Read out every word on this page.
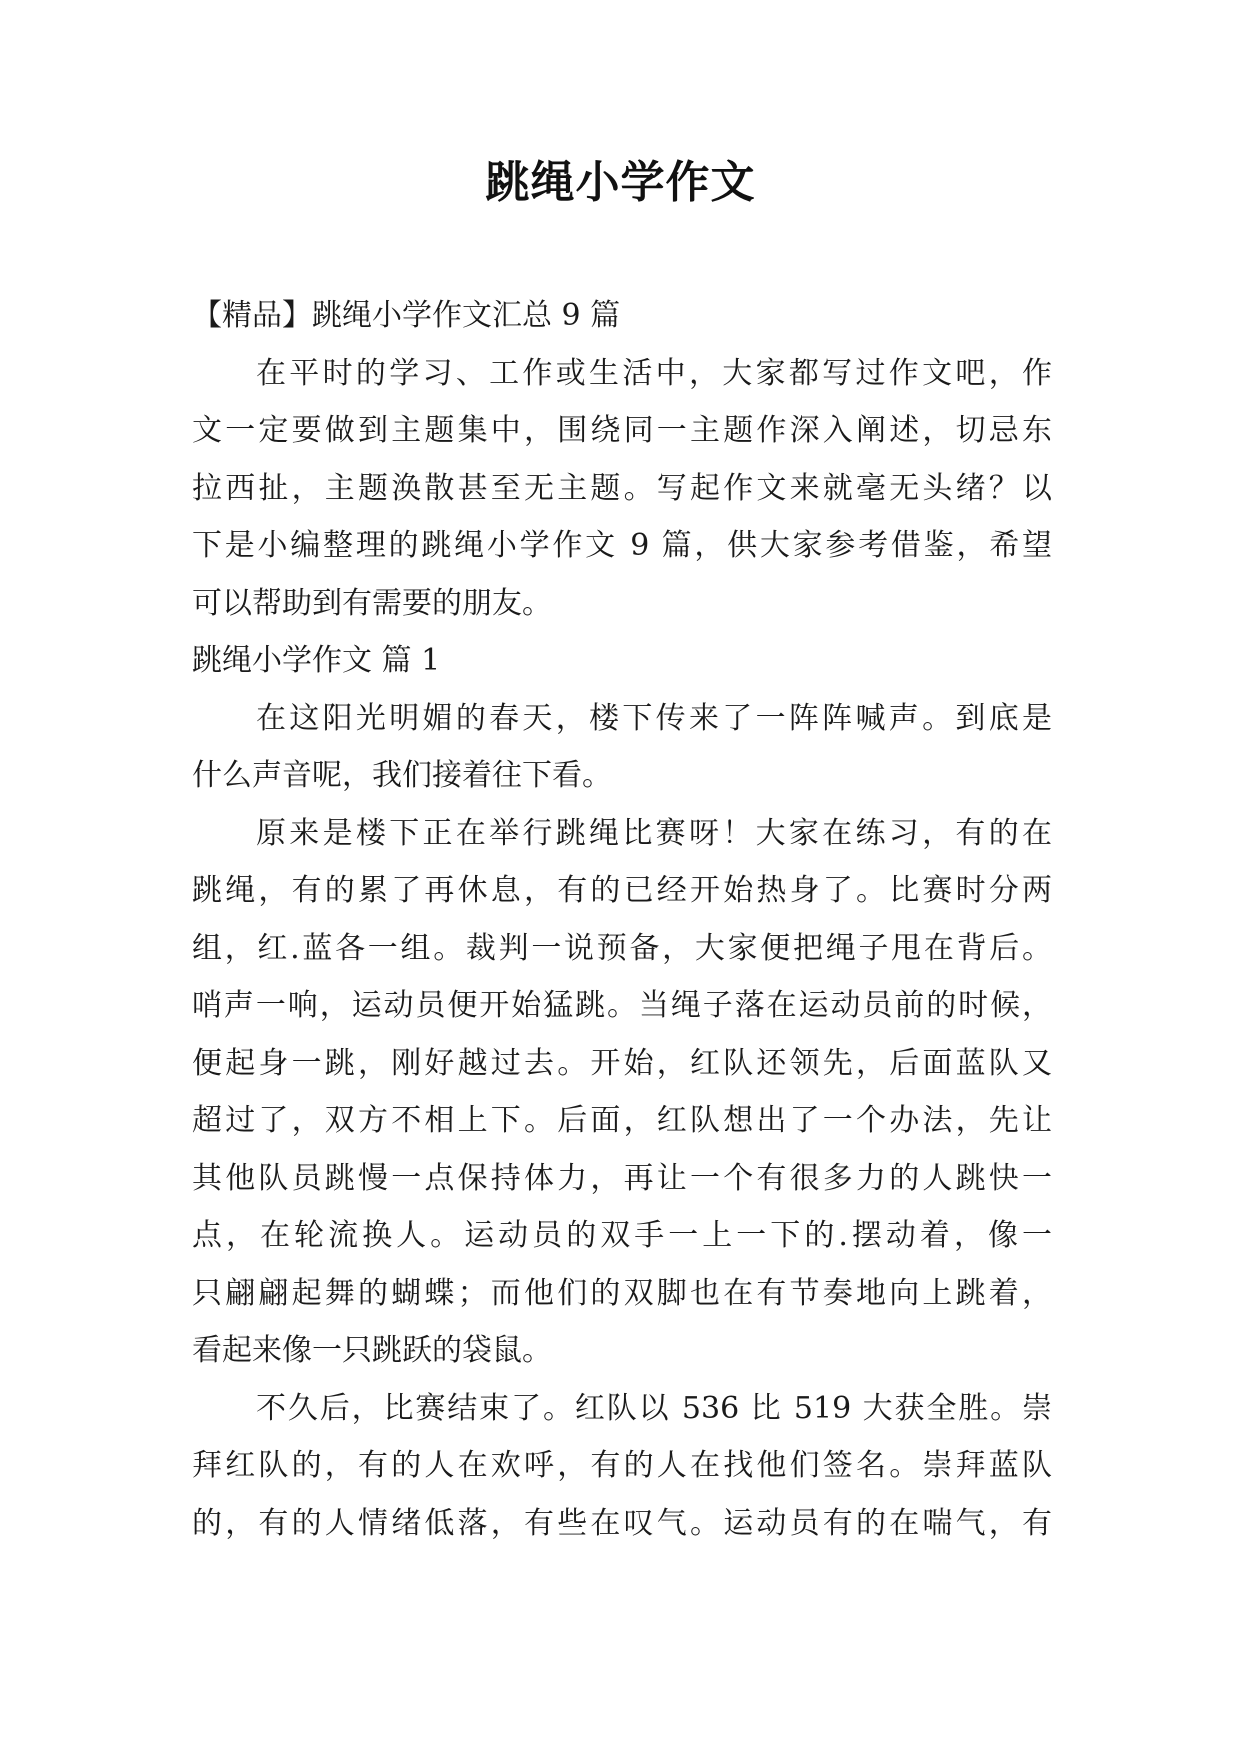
跳绳小学作文
【精品】跳绳小学作文汇总 9 篇
在平时的学习、工作或生活中，大家都写过作文吧，作
文一定要做到主题集中，围绕同一主题作深入阐述，切忌东
拉西扯，主题涣散甚至无主题。写起作文来就毫无头绪？以
下是小编整理的跳绳小学作文 9 篇，供大家参考借鉴，希望
可以帮助到有需要的朋友。
跳绳小学作文 篇 1
在这阳光明媚的春天，楼下传来了一阵阵喊声。到底是
什么声音呢，我们接着往下看。
原来是楼下正在举行跳绳比赛呀！大家在练习，有的在
跳绳，有的累了再休息，有的已经开始热身了。比赛时分两
组，红.蓝各一组。裁判一说预备，大家便把绳子甩在背后。
哨声一响，运动员便开始猛跳。当绳子落在运动员前的时候，
便起身一跳，刚好越过去。开始，红队还领先，后面蓝队又
超过了，双方不相上下。后面，红队想出了一个办法，先让
其他队员跳慢一点保持体力，再让一个有很多力的人跳快一
点，在轮流换人。运动员的双手一上一下的.摆动着，像一
只翩翩起舞的蝴蝶；而他们的双脚也在有节奏地向上跳着，
看起来像一只跳跃的袋鼠。
不久后，比赛结束了。红队以 536 比 519 大获全胜。崇
拜红队的，有的人在欢呼，有的人在找他们签名。崇拜蓝队
的，有的人情绪低落，有些在叹气。运动员有的在喘气，有
